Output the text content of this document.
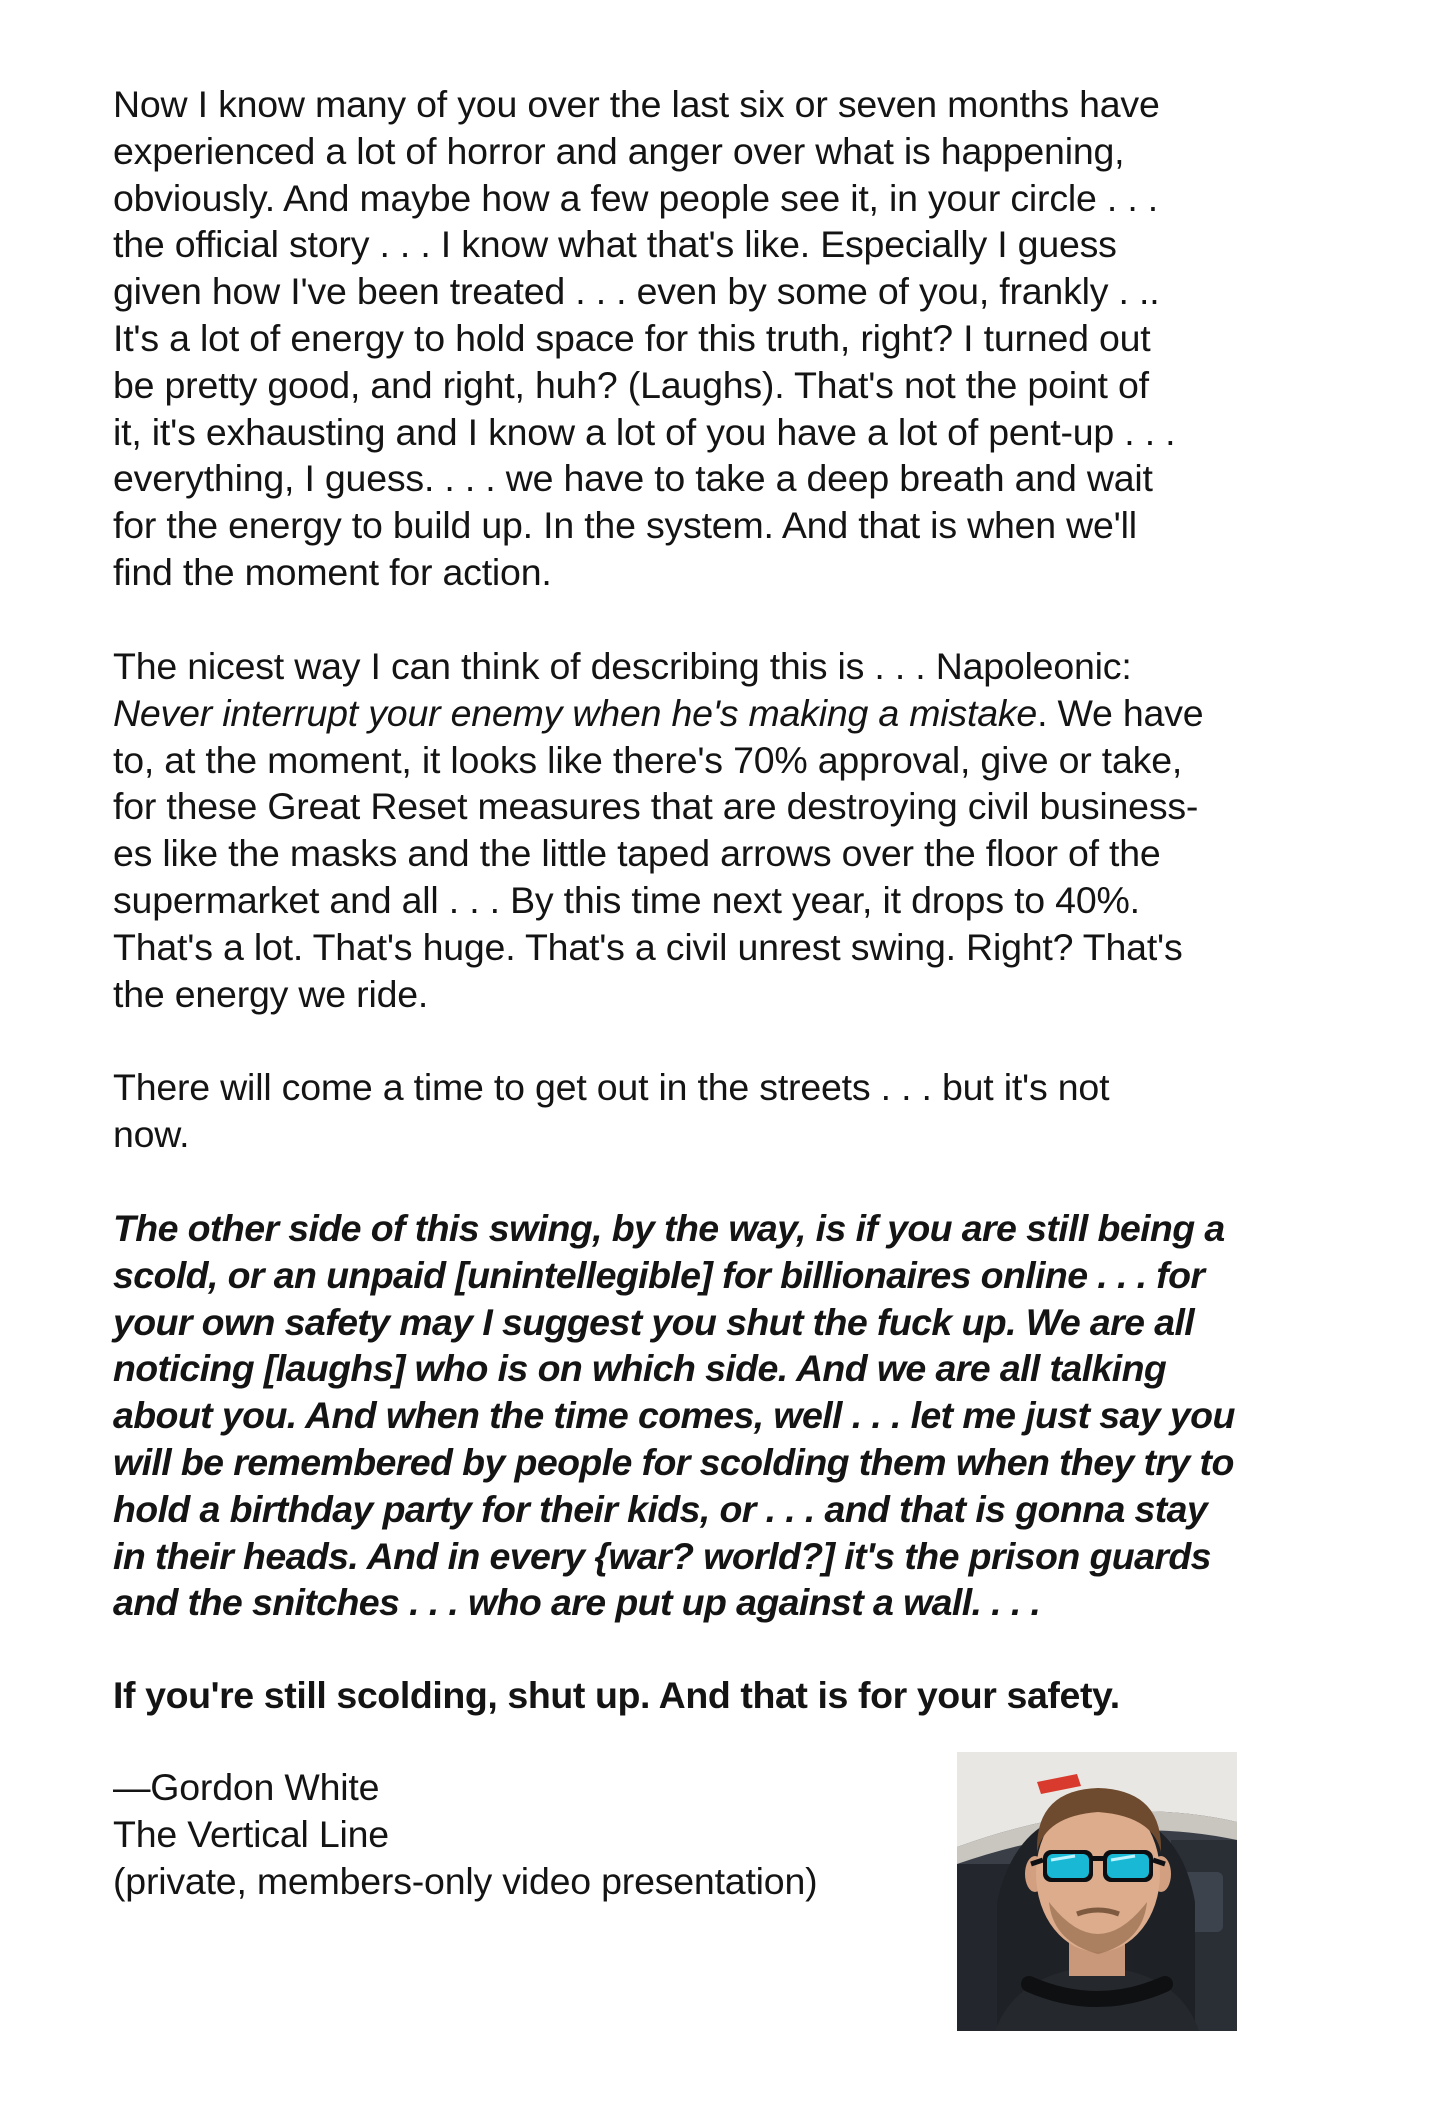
Now I know many of you over the last six or seven months have
experienced a lot of horror and anger over what is happening,
obviously. And maybe how a few people see it, in your circle . . .
the official story . . . I know what that's like. Especially I guess
given how I've been treated . . . even by some of you, frankly . ..
It's a lot of energy to hold space for this truth, right? I turned out
be pretty good, and right, huh? (Laughs). That's not the point of
it, it's exhausting and I know a lot of you have a lot of pent-up . . .
everything, I guess. . . . we have to take a deep breath and wait
for the energy to build up. In the system. And that is when we'll
find the moment for action.
The nicest way I can think of describing this is . . . Napoleonic:
Never interrupt your enemy when he's making a mistake. We have
to, at the moment, it looks like there's 70% approval, give or take,
for these Great Reset measures that are destroying civil business-
es like the masks and the little taped arrows over the floor of the
supermarket and all . . . By this time next year, it drops to 40%.
That's a lot. That's huge. That's a civil unrest swing. Right? That's
the energy we ride.
There will come a time to get out in the streets . . . but it's not
now.
The other side of this swing, by the way, is if you are still being a
scold, or an unpaid [unintellegible] for billionaires online . . . for
your own safety may I suggest you shut the fuck up. We are all
noticing [laughs] who is on which side. And we are all talking
about you. And when the time comes, well . . . let me just say you
will be remembered by people for scolding them when they try to
hold a birthday party for their kids, or . . . and that is gonna stay
in their heads. And in every {war? world?] it's the prison guards
and the snitches . . . who are put up against a wall. . . .
If you're still scolding, shut up. And that is for your safety.
—Gordon White
The Vertical Line
(private, members-only video presentation)
